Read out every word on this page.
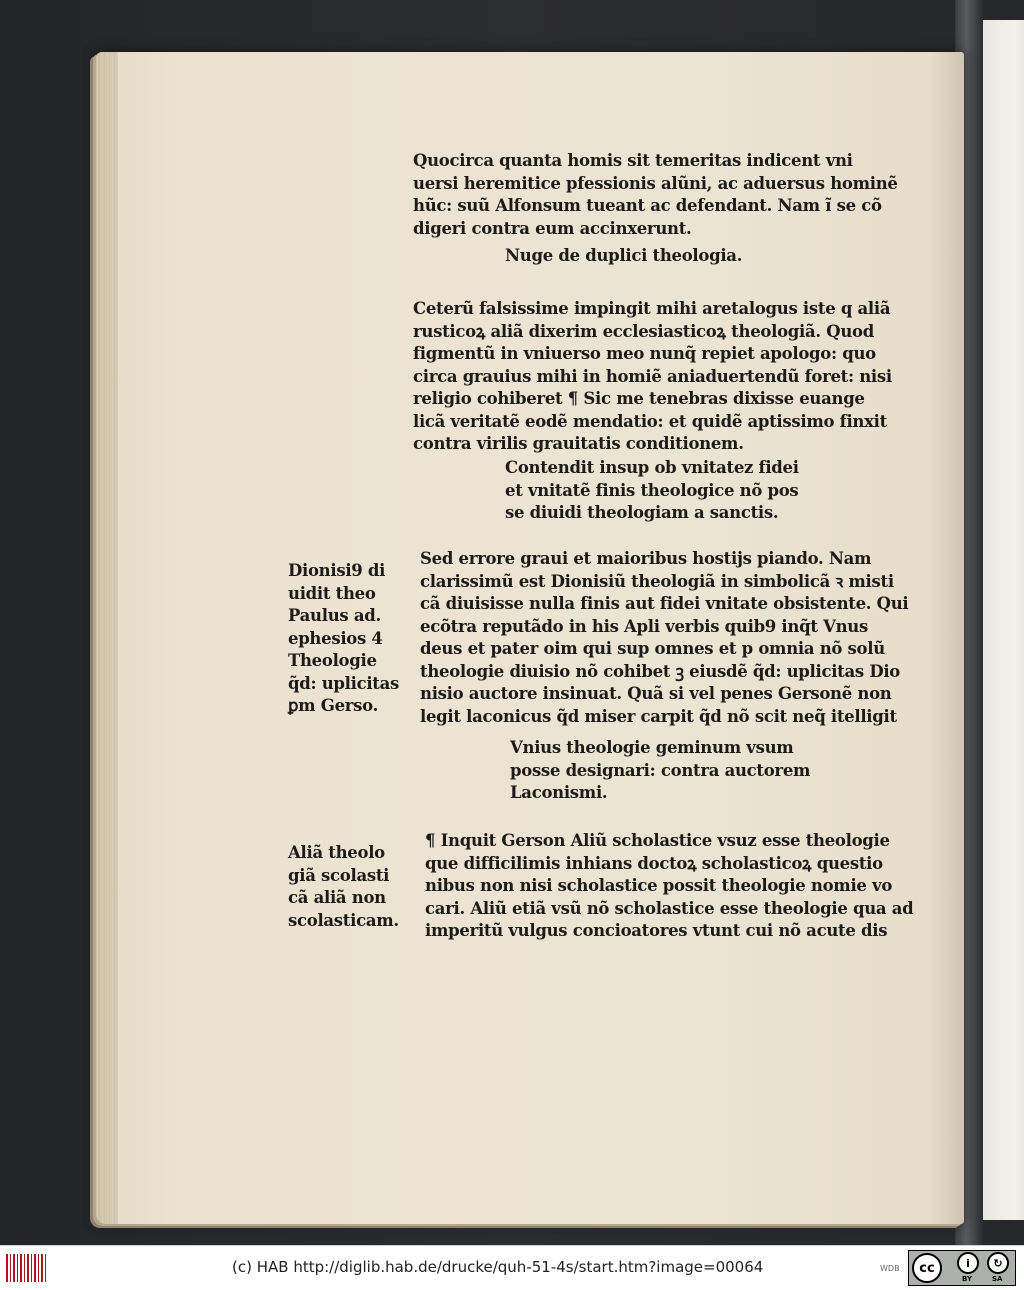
Quocirca quanta homis sit temeritas indicent vni
uersi heremitice pfessionis alũni, ac aduersus hominẽ
hũc: suũ Alfonsum tueant ac defendant. Nam ĩ se cõ
digeri contra eum accinxerunt.
Nuge de duplici theologia.
Ceterũ falsissime impingit mihi aretalogus iste q aliã
rusticoꝝ aliã dixerim ecclesiasticoꝝ theologiã. Quod
figmentũ in vniuerso meo nunq̃ repiet apologo: quo
circa grauius mihi in homiẽ aniaduertendũ foret: nisi
religio cohiberet ¶ Sic me tenebras dixisse euange
licã veritatẽ eodẽ mendatio: et quidẽ aptissimo finxit
contra virilis grauitatis conditionem.
Contendit insup ob vnitatez fidei
et vnitatẽ finis theologice nõ pos
se diuidi theologiam a sanctis.
Dionisi9 di
uidit theo
Paulus ad.
ephesios 4
Theologie
q̃d: uplicitas
ꝑm Gerso.
Sed errore graui et maioribus hostijs piando. Nam
clarissimũ est Dionisiũ theologiã in simbolicã ꝛ misti
cã diuisisse nulla finis aut fidei vnitate obsistente. Qui
ecõtra reputãdo in his Apli verbis quib9 inq̃t Vnus
deus et pater oim qui sup omnes et p omnia nõ solũ
theologie diuisio nõ cohibet ꝫ eiusdẽ q̃d: uplicitas Dio
nisio auctore insinuat. Quã si vel penes Gersonẽ non
legit laconicus q̃d miser carpit q̃d nõ scit neq̃ itelligit
Vnius theologie geminum vsum
posse designari: contra auctorem
Laconismi.
Aliã theolo
giã scolasti
cã aliã non
scolasticam.
¶ Inquit Gerson Aliũ scholastice vsuz esse theologie
que difficilimis inhians doctoꝝ scholasticoꝝ questio
nibus non nisi scholastice possit theologie nomie vo
cari. Aliũ etiã vsũ nõ scholastice esse theologie qua ad
imperitũ vulgus concioatores vtunt cui nõ acute dis
(c) HAB http://diglib.hab.de/drucke/quh-51-4s/start.htm?image=00064	WDB cc	i ↻
BY	SA
